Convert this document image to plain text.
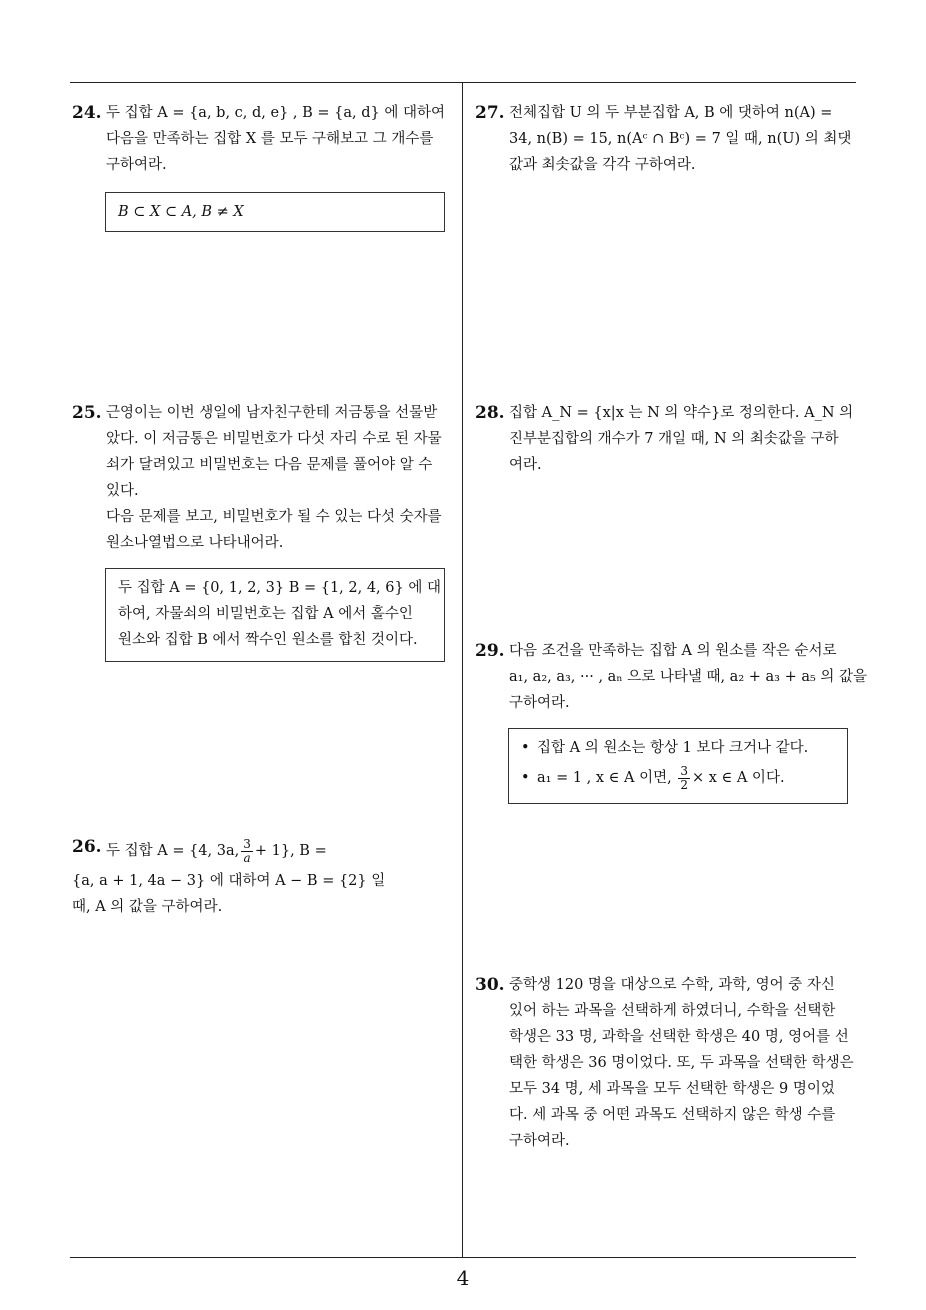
24. 두 집합 A = {a, b, c, d, e} , B = {a, d} 에 대하여

다음을 만족하는 집합 X 를 모두 구해보고 그 개수를

구하여라.

B ⊂ X ⊂ A, B ≠ X

25. 근영이는 이번 생일에 남자친구한테 저금통을 선물받

았다. 이 저금통은 비밀번호가 다섯 자리 수로 된 자물

쇠가 달려있고 비밀번호는 다음 문제를 풀어야 알 수

있다.

다음 문제를 보고, 비밀번호가 될 수 있는 다섯 숫자를

원소나열법으로 나타내어라.

두 집합 A = {0, 1, 2, 3} B = {1, 2, 4, 6} 에 대

하여, 자물쇠의 비밀번호는 집합 A 에서 홀수인

원소와 집합 B 에서 짝수인 원소를 합친 것이다.

26. 두 집합 A = {4, 3a, $\frac{3}{a} + 1$}, B =

{a, a + 1, 4a − 3} 에 대하여 A − B = {2} 일

때, A 의 값을 구하여라.

27. 전체집합 U 의 두 부분집합 A, B 에 댓하여 n(A) =

34, n(B) = 15, n(Aᶜ ∩ Bᶜ) = 7 일 때, n(U) 의 최댓

값과 최솟값을 각각 구하여라.

28. 집합 A_N = {x|x 는 N 의 약수}로 정의한다. A_N 의

진부분집합의 개수가 7 개일 때, N 의 최솟값을 구하

여라.

29. 다음 조건을 만족하는 집합 A 의 원소를 작은 순서로

a₁, a₂, a₃, ··· , aₙ 으로 나타낼 때, a₂ + a₃ + a₅ 의 값을

구하여라.

• 집합 A 의 원소는 항상 1 보다 크거나 같다.

• a₁ = 1 , x ∈ A 이면, $\frac{3}{2} \times x$ ∈ A 이다.

30. 중학생 120 명을 대상으로 수학, 과학, 영어 중 자신

있어 하는 과목을 선택하게 하였더니, 수학을 선택한

학생은 33 명, 과학을 선택한 학생은 40 명, 영어를 선

택한 학생은 36 명이었다. 또, 두 과목을 선택한 학생은

모두 34 명, 세 과목을 모두 선택한 학생은 9 명이었

다. 세 과목 중 어떤 과목도 선택하지 않은 학생 수를

구하여라.

4
